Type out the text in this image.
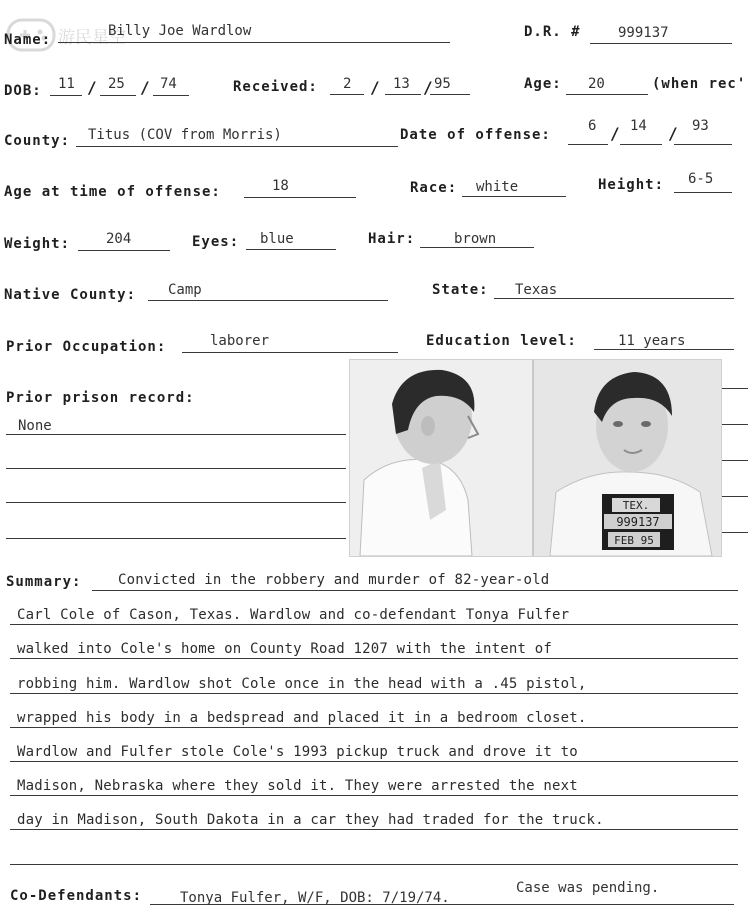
游民星空
Name:
Billy Joe Wardlow	D.R. #	999137
DOB: 11 / 25 / 74	Received: 2 / 13 / 95	Age: 20	(when rec'
County: Titus (COV from Morris)	Date of offense:
6 / 14 / 93
Age at time of offense:	18	Race: white	Height: 6-5
Weight:	204	Eyes: blue	Hair:	brown
Native County: Camp	State: Texas
Prior Occupation:	laborer	Education level:	11 years
Prior prison record:
None
TEX.
999137
FEB 95
Summary:	Convicted in the robbery and murder of 82-year-old
Carl Cole of Cason, Texas. Wardlow and co-defendant Tonya Fulfer
walked into Cole's home on County Road 1207 with the intent of
robbing him. Wardlow shot Cole once in the head with a .45 pistol,
wrapped his body in a bedspread and placed it in a bedroom closet.
Wardlow and Fulfer stole Cole's 1993 pickup truck and drove it to
Madison, Nebraska where they sold it. They were arrested the next
day in Madison, South Dakota in a car they had traded for the truck.
Co-Defendants:	Tonya Fulfer, W/F, DOB: 7/19/74.
Case was pending.
